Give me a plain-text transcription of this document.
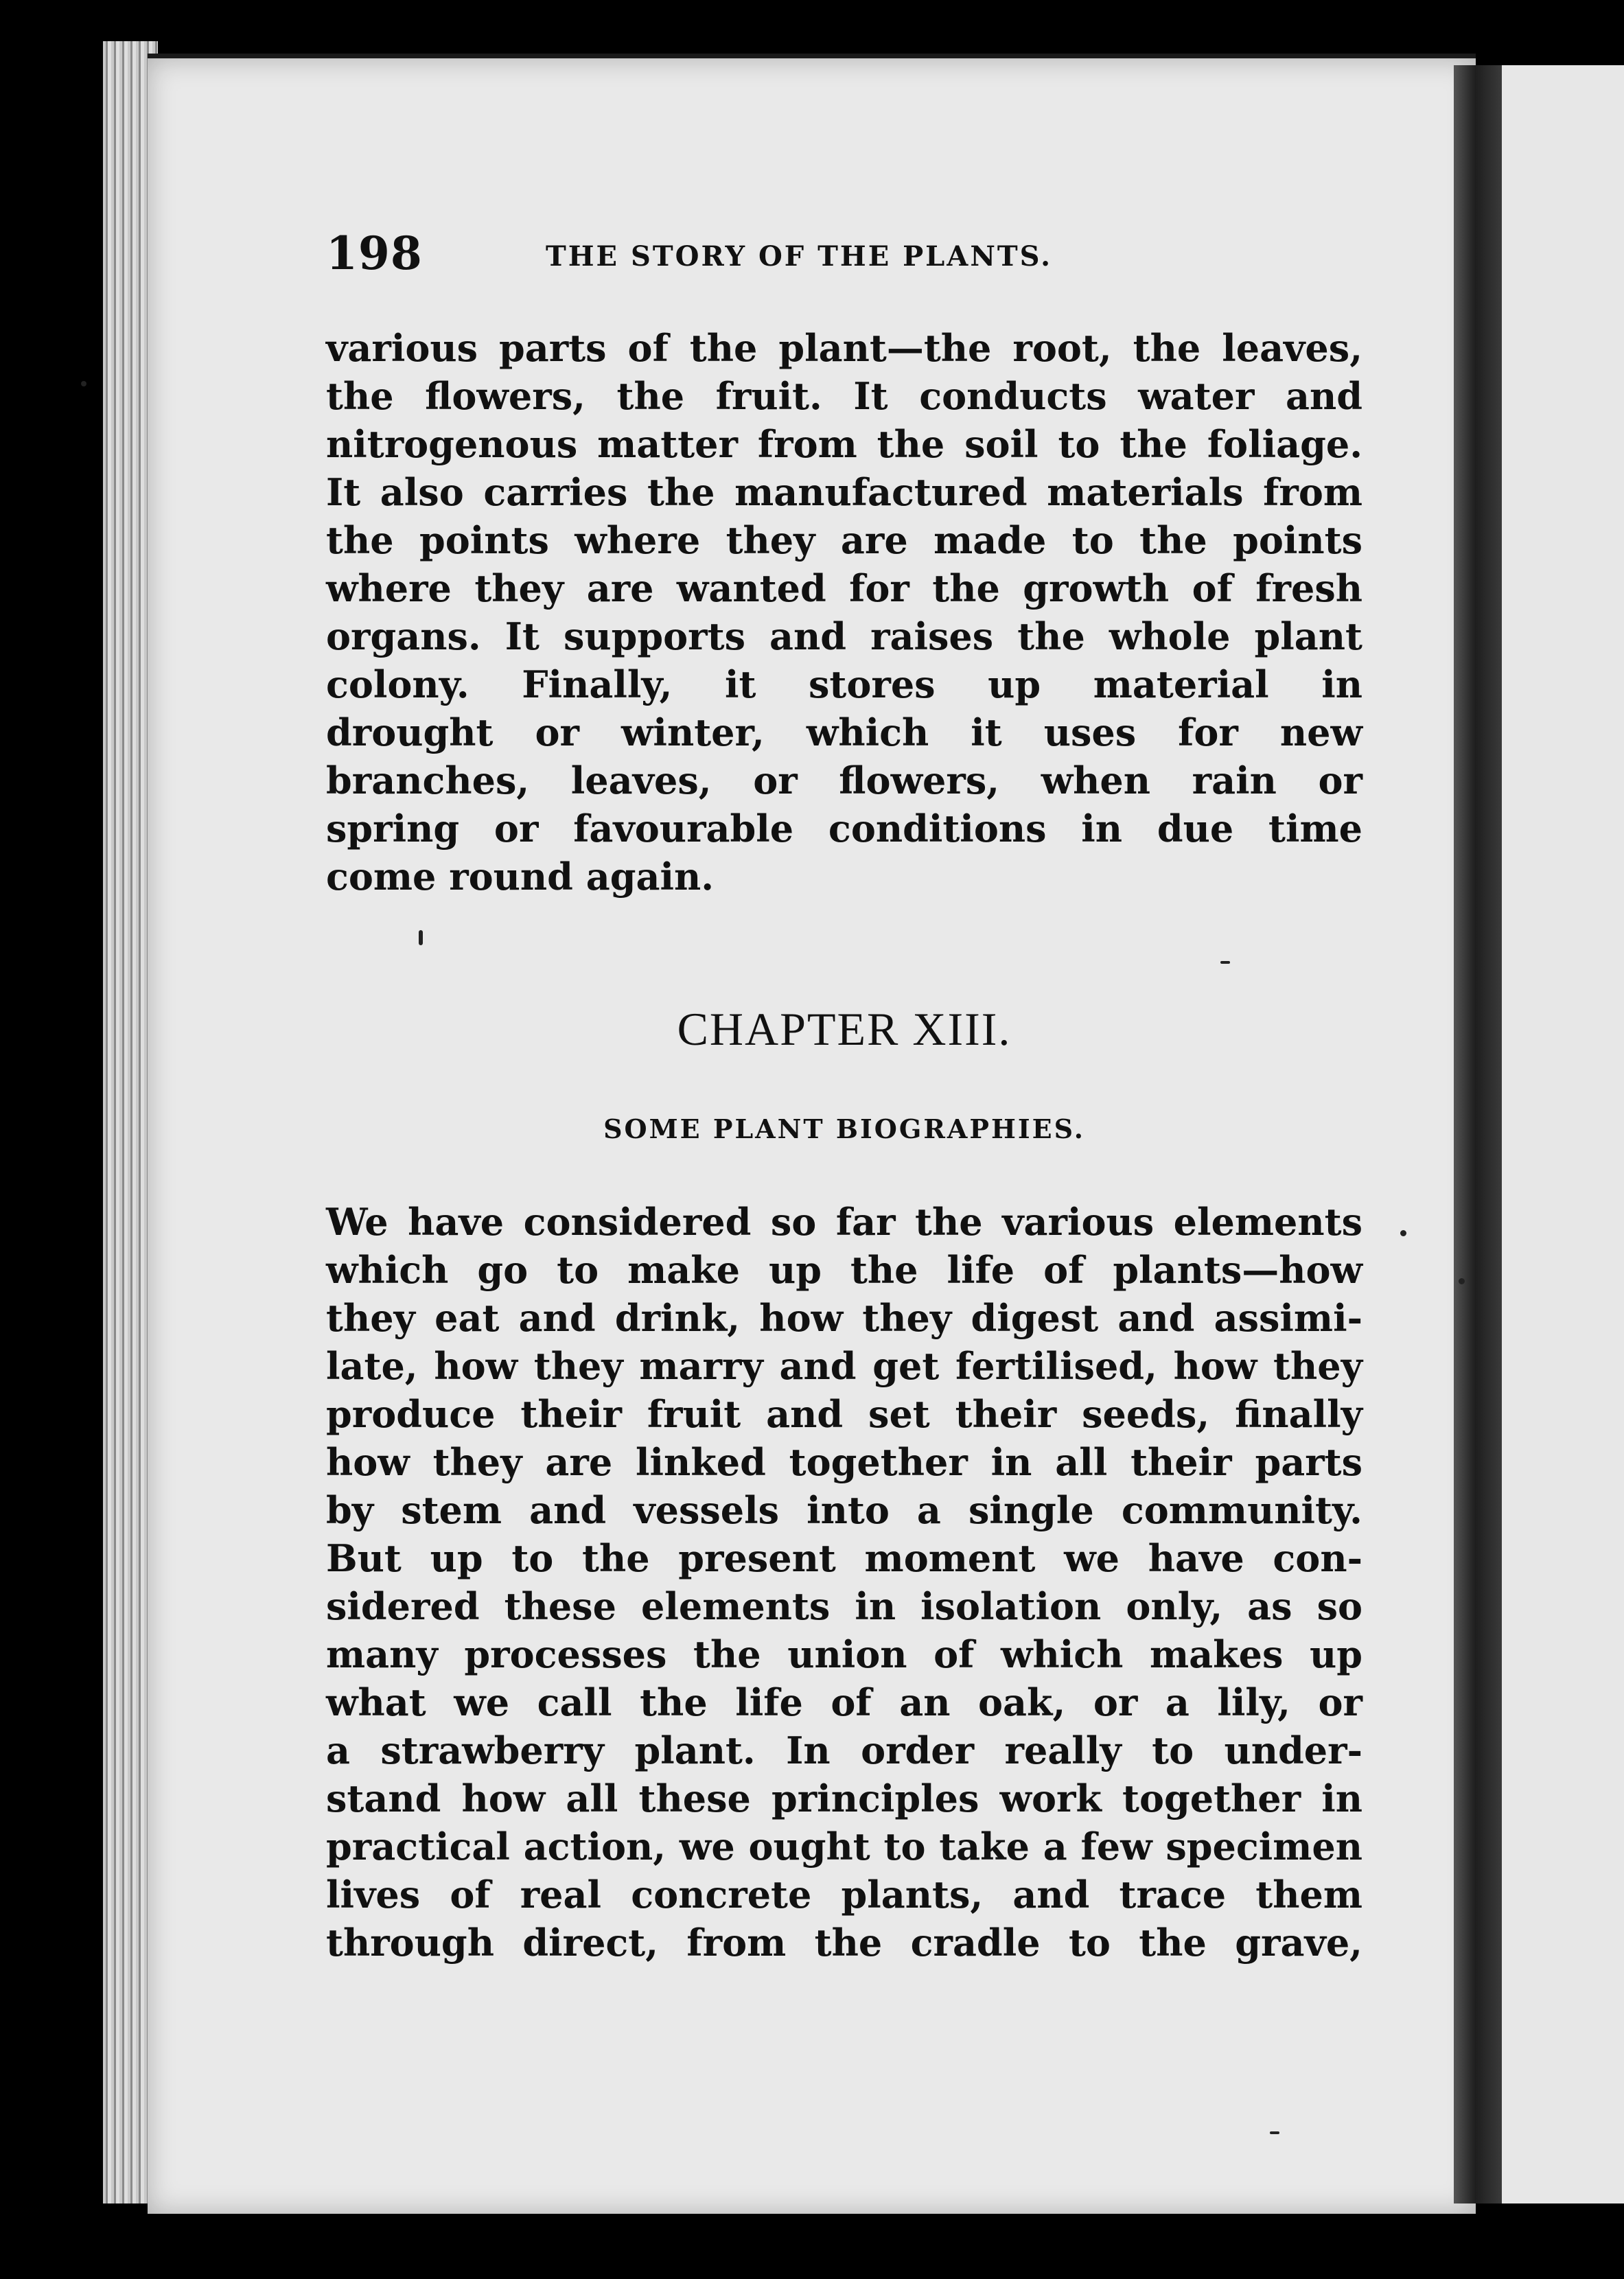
198	THE STORY OF THE PLANTS.
various parts of the plant—the root, the leaves,
the flowers, the fruit. It conducts water and
nitrogenous matter from the soil to the foliage.
It also carries the manufactured materials from
the points where they are made to the points
where they are wanted for the growth of fresh
organs. It supports and raises the whole plant
colony. Finally, it stores up material in
drought or winter, which it uses for new
branches, leaves, or flowers, when rain or
spring or favourable conditions in due time
come round again.
CHAPTER XIII.
SOME PLANT BIOGRAPHIES.
We have considered so far the various elements
which go to make up the life of plants—how
they eat and drink, how they digest and assimi-
late, how they marry and get fertilised, how they
produce their fruit and set their seeds, finally
how they are linked together in all their parts
by stem and vessels into a single community.
But up to the present moment we have con-
sidered these elements in isolation only, as so
many processes the union of which makes up
what we call the life of an oak, or a lily, or
a strawberry plant. In order really to under-
stand how all these principles work together in
practical action, we ought to take a few specimen
lives of real concrete plants, and trace them
through direct, from the cradle to the grave,
